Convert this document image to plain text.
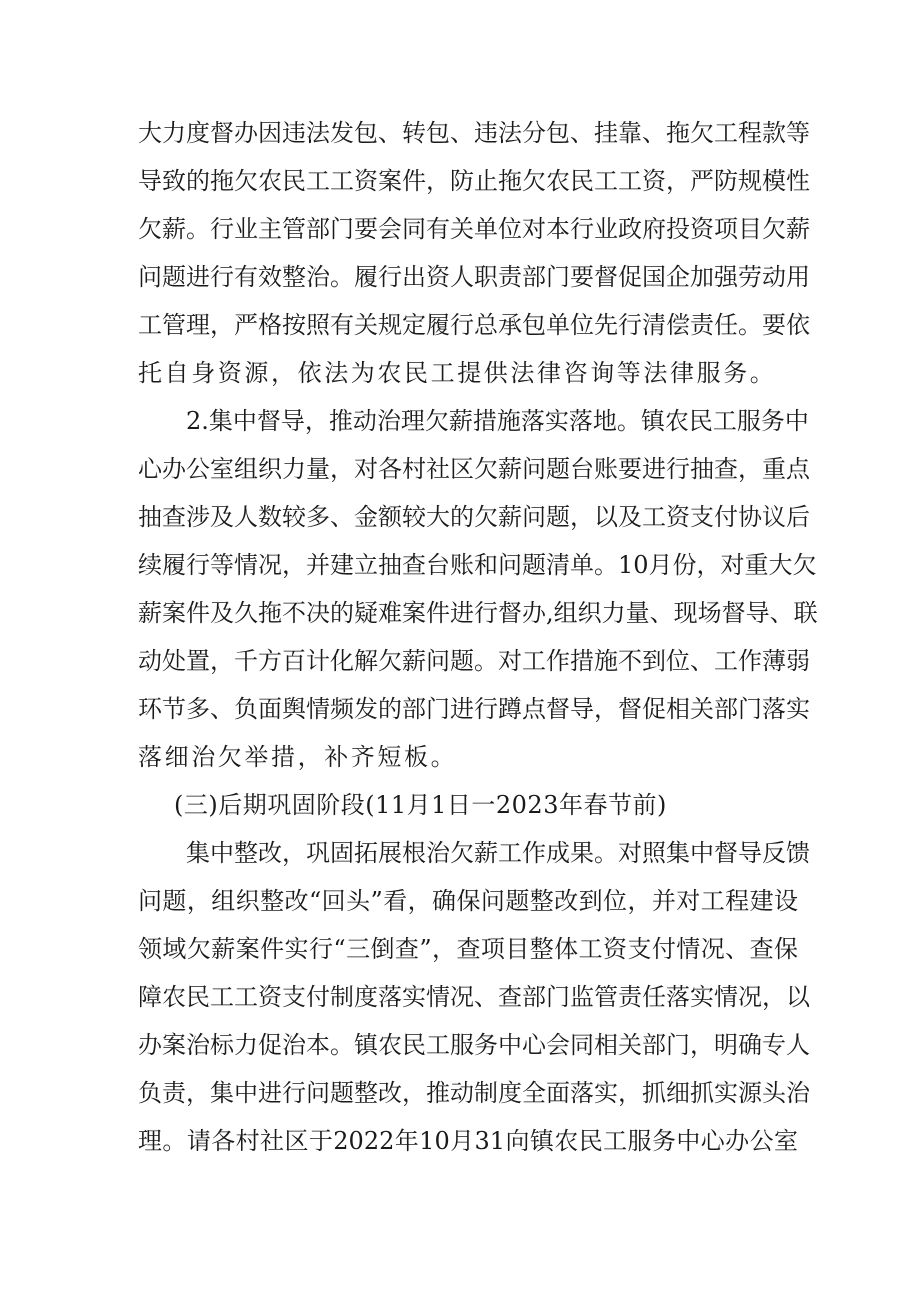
大力度督办因违法发包、转包、违法分包、挂靠、拖欠工程款等
导致的拖欠农民工工资案件，防止拖欠农民工工资，严防规模性
欠薪。行业主管部门要会同有关单位对本行业政府投资项目欠薪
问题进行有效整治。履行出资人职责部门要督促国企加强劳动用
工管理，严格按照有关规定履行总承包单位先行清偿责任。要依
托自身资源，依法为农民工提供法律咨询等法律服务。
2.集中督导，推动治理欠薪措施落实落地。镇农民工服务中
心办公室组织力量，对各村社区欠薪问题台账要进行抽查，重点
抽查涉及人数较多、金额较大的欠薪问题，以及工资支付协议后
续履行等情况，并建立抽查台账和问题清单。10月份，对重大欠
薪案件及久拖不决的疑难案件进行督办,组织力量、现场督导、联
动处置，千方百计化解欠薪问题。对工作措施不到位、工作薄弱
环节多、负面舆情频发的部门进行蹲点督导，督促相关部门落实
落细治欠举措，补齐短板。
(三)后期巩固阶段(11月1日一2023年春节前)
集中整改，巩固拓展根治欠薪工作成果。对照集中督导反馈
问题，组织整改“回头”看，确保问题整改到位，并对工程建设
领域欠薪案件实行“三倒查”，查项目整体工资支付情况、查保
障农民工工资支付制度落实情况、查部门监管责任落实情况，以
办案治标力促治本。镇农民工服务中心会同相关部门，明确专人
负责，集中进行问题整改，推动制度全面落实，抓细抓实源头治
理。请各村社区于2022年10月31向镇农民工服务中心办公室
